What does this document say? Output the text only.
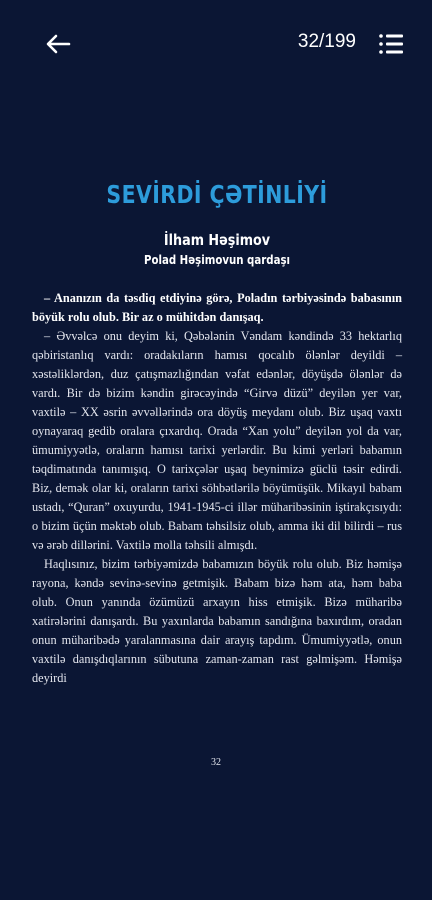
32/199
SEVİRDİ ÇƏTİNLİYİ
İlham Həşimov
Polad Həşimovun qardaşı

– Ananızın da təsdiq etdiyinə görə, Poladın tərbiyəsində babasının böyük rolu olub. Bir az o mühitdən danışaq.

– Əvvəlcə onu deyim ki, Qəbələnin Vəndam kəndində 33 hektarlıq qəbiristanlıq vardı: oradakıların hamısı qocalıb ölənlər deyildi – xəstəliklərdən, duz çatışmazlığından vəfat edənlər, döyüşdə ölənlər də vardı. Bir də bizim kəndin girəcəyində “Girvə düzü” deyilən yer var, vaxtilə – XX əsrin əvvəllərində ora döyüş meydanı olub. Biz uşaq vaxtı oynayaraq gedib oralara çıxardıq. Orada “Xan yolu” deyilən yol da var, ümumiyyətlə, oraların hamısı tarixi yerlərdir. Bu kimi yerləri babamın təqdimatında tanımışıq. O tarixçələr uşaq beynimizə güclü təsir edirdi. Biz, demək olar ki, oraların tarixi söhbətlərilə böyümüşük. Mikayıl babam ustadı, “Quran” oxuyurdu, 1941-1945-ci illər müharibəsinin iştirakçısıydı: o bizim üçün məktəb olub. Babam təhsilsiz olub, amma iki dil bilirdi – rus və ərəb dillərini. Vaxtilə molla təhsili almışdı.

Haqlısınız, bizim tərbiyəmizdə babamızın böyük rolu olub. Biz həmişə rayona, kəndə sevinə-sevinə getmişik. Babam bizə həm ata, həm baba olub. Onun yanında özümüzü arxayın hiss etmişik. Bizə müharibə xatirələrini danışardı. Bu yaxınlarda babamın sandığına baxırdım, oradan onun müharibədə yaralanmasına dair arayış tapdım. Ümumiyyətlə, onun vaxtilə danışdıqlarının sübutuna zaman-zaman rast gəlmişəm. Həmişə deyirdi

32
